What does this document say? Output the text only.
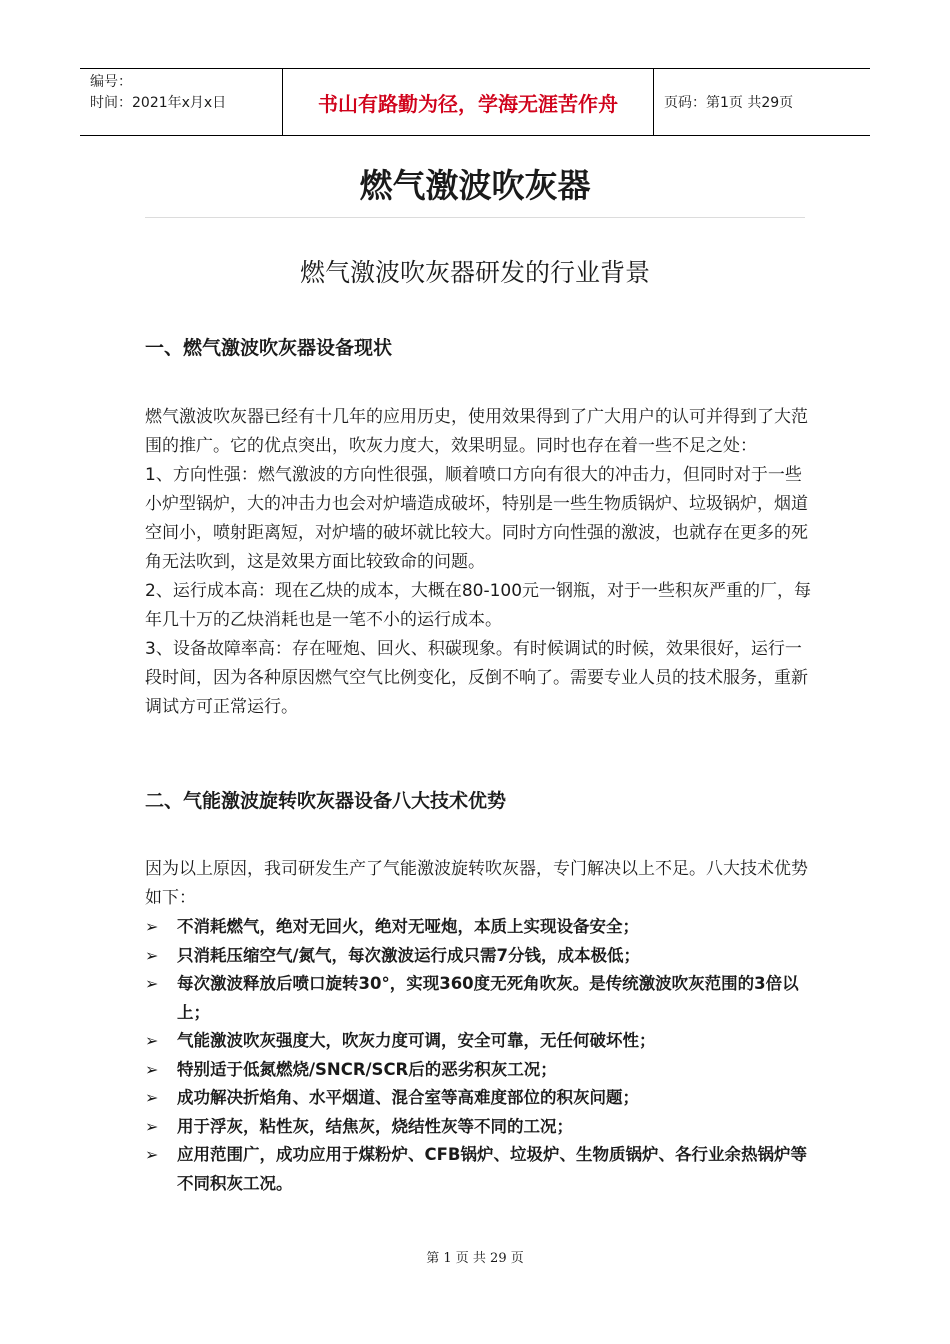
编号：
时间：2021年x月x日	书山有路勤为径，学海无涯苦作舟	页码：第1页 共29页
燃气激波吹灰器
燃气激波吹灰器研发的行业背景
一、燃气激波吹灰器设备现状

燃气激波吹灰器已经有十几年的应用历史，使用效果得到了广大用户的认可并得到了大范围的推广。它的优点突出，吹灰力度大，效果明显。同时也存在着一些不足之处：

1、方向性强：燃气激波的方向性很强，顺着喷口方向有很大的冲击力，但同时对于一些小炉型锅炉，大的冲击力也会对炉墙造成破坏，特别是一些生物质锅炉、垃圾锅炉，烟道空间小，喷射距离短，对炉墙的破坏就比较大。同时方向性强的激波，也就存在更多的死角无法吹到，这是效果方面比较致命的问题。

2、运行成本高：现在乙炔的成本，大概在80-100元一钢瓶，对于一些积灰严重的厂，每年几十万的乙炔消耗也是一笔不小的运行成本。

3、设备故障率高：存在哑炮、回火、积碳现象。有时候调试的时候，效果很好，运行一段时间，因为各种原因燃气空气比例变化，反倒不响了。需要专业人员的技术服务，重新调试方可正常运行。

二、气能激波旋转吹灰器设备八大技术优势
因为以上原因，我司研发生产了气能激波旋转吹灰器，专门解决以上不足。八大技术优势如下：
➢ 不消耗燃气，绝对无回火，绝对无哑炮，本质上实现设备安全；
➢ 只消耗压缩空气/氮气，每次激波运行成只需7分钱，成本极低；
➢ 每次激波释放后喷口旋转30°，实现360度无死角吹灰。是传统激波吹灰范围的3倍以上；
➢ 气能激波吹灰强度大，吹灰力度可调，安全可靠，无任何破坏性；
➢ 特别适于低氮燃烧/SNCR/SCR后的恶劣积灰工况；
➢ 成功解决折焰角、水平烟道、混合室等高难度部位的积灰问题；
➢ 用于浮灰，粘性灰，结焦灰，烧结性灰等不同的工况；
➢ 应用范围广，成功应用于煤粉炉、CFB锅炉、垃圾炉、生物质锅炉、各行业余热锅炉等不同积灰工况。
第 1 页 共 29 页
